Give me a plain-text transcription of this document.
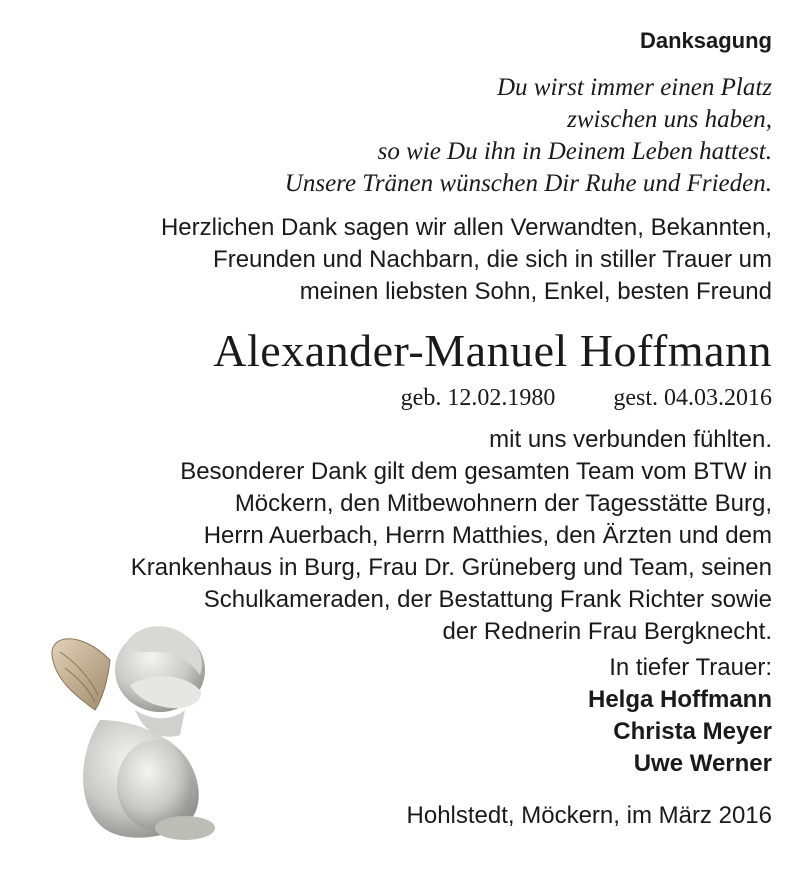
Danksagung
Du wirst immer einen Platz
zwischen uns haben,
so wie Du ihn in Deinem Leben hattest.
Unsere Tränen wünschen Dir Ruhe und Frieden.
Herzlichen Dank sagen wir allen Verwandten, Bekannten,
Freunden und Nachbarn, die sich in stiller Trauer um
meinen liebsten Sohn, Enkel, besten Freund
Alexander-Manuel Hoffmann
geb. 12.02.1980 gest. 04.03.2016
mit uns verbunden fühlten.
Besonderer Dank gilt dem gesamten Team vom BTW in
Möckern, den Mitbewohnern der Tagesstätte Burg,
Herrn Auerbach, Herrn Matthies, den Ärzten und dem
Krankenhaus in Burg, Frau Dr. Grüneberg und Team, seinen
Schulkameraden, der Bestattung Frank Richter sowie
der Rednerin Frau Bergknecht.
In tiefer Trauer:
Helga Hoffmann
Christa Meyer
Uwe Werner
Hohlstedt, Möckern, im März 2016
